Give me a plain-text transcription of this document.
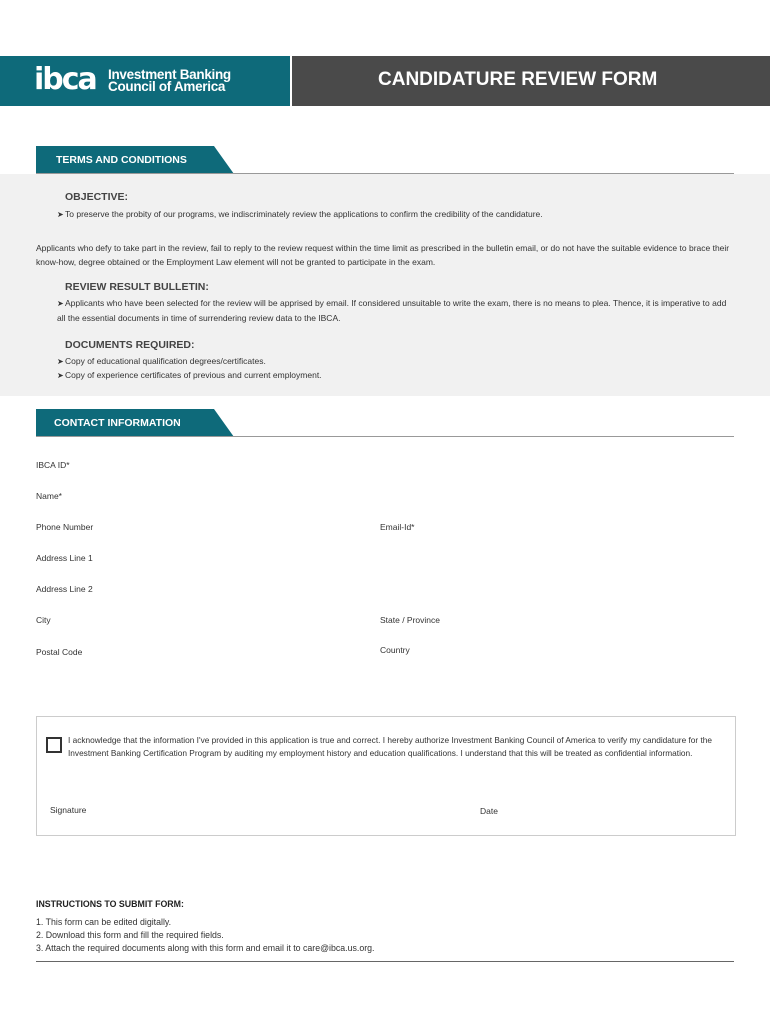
ibca Investment Banking
Council of America	CANDIDATURE REVIEW FORM
TERMS AND CONDITIONS
OBJECTIVE:
➤To preserve the probity of our programs, we indiscriminately review the applications to confirm the credibility of the candidature.
Applicants who defy to take part in the review, fail to reply to the review request within the time limit as prescribed in the bulletin email, or do not have the suitable evidence to brace their know-how, degree obtained or the Employment Law element will not be granted to participate in the exam.
REVIEW RESULT BULLETIN:
➤Applicants who have been selected for the review will be apprised by email. If considered unsuitable to write the exam, there is no means to plea. Thence, it is imperative to add all the essential documents in time of surrendering review data to the IBCA.
DOCUMENTS REQUIRED:
➤Copy of educational qualification degrees/certificates.
➤Copy of experience certificates of previous and current employment.
CONTACT INFORMATION
IBCA ID*
Name*
Phone Number	Email-Id*
Address Line 1
Address Line 2
City	State / Province
Postal Code	Country
I acknowledge that the information I've provided in this application is true and correct. I hereby authorize Investment Banking Council of America to verify my candidature for the Investment Banking Certification Program by auditing my employment history and education qualifications. I understand that this will be treated as confidential information.
Signature	Date
INSTRUCTIONS TO SUBMIT FORM:
1. This form can be edited digitally.
2. Download this form and fill the required fields.
3. Attach the required documents along with this form and email it to care@ibca.us.org.
